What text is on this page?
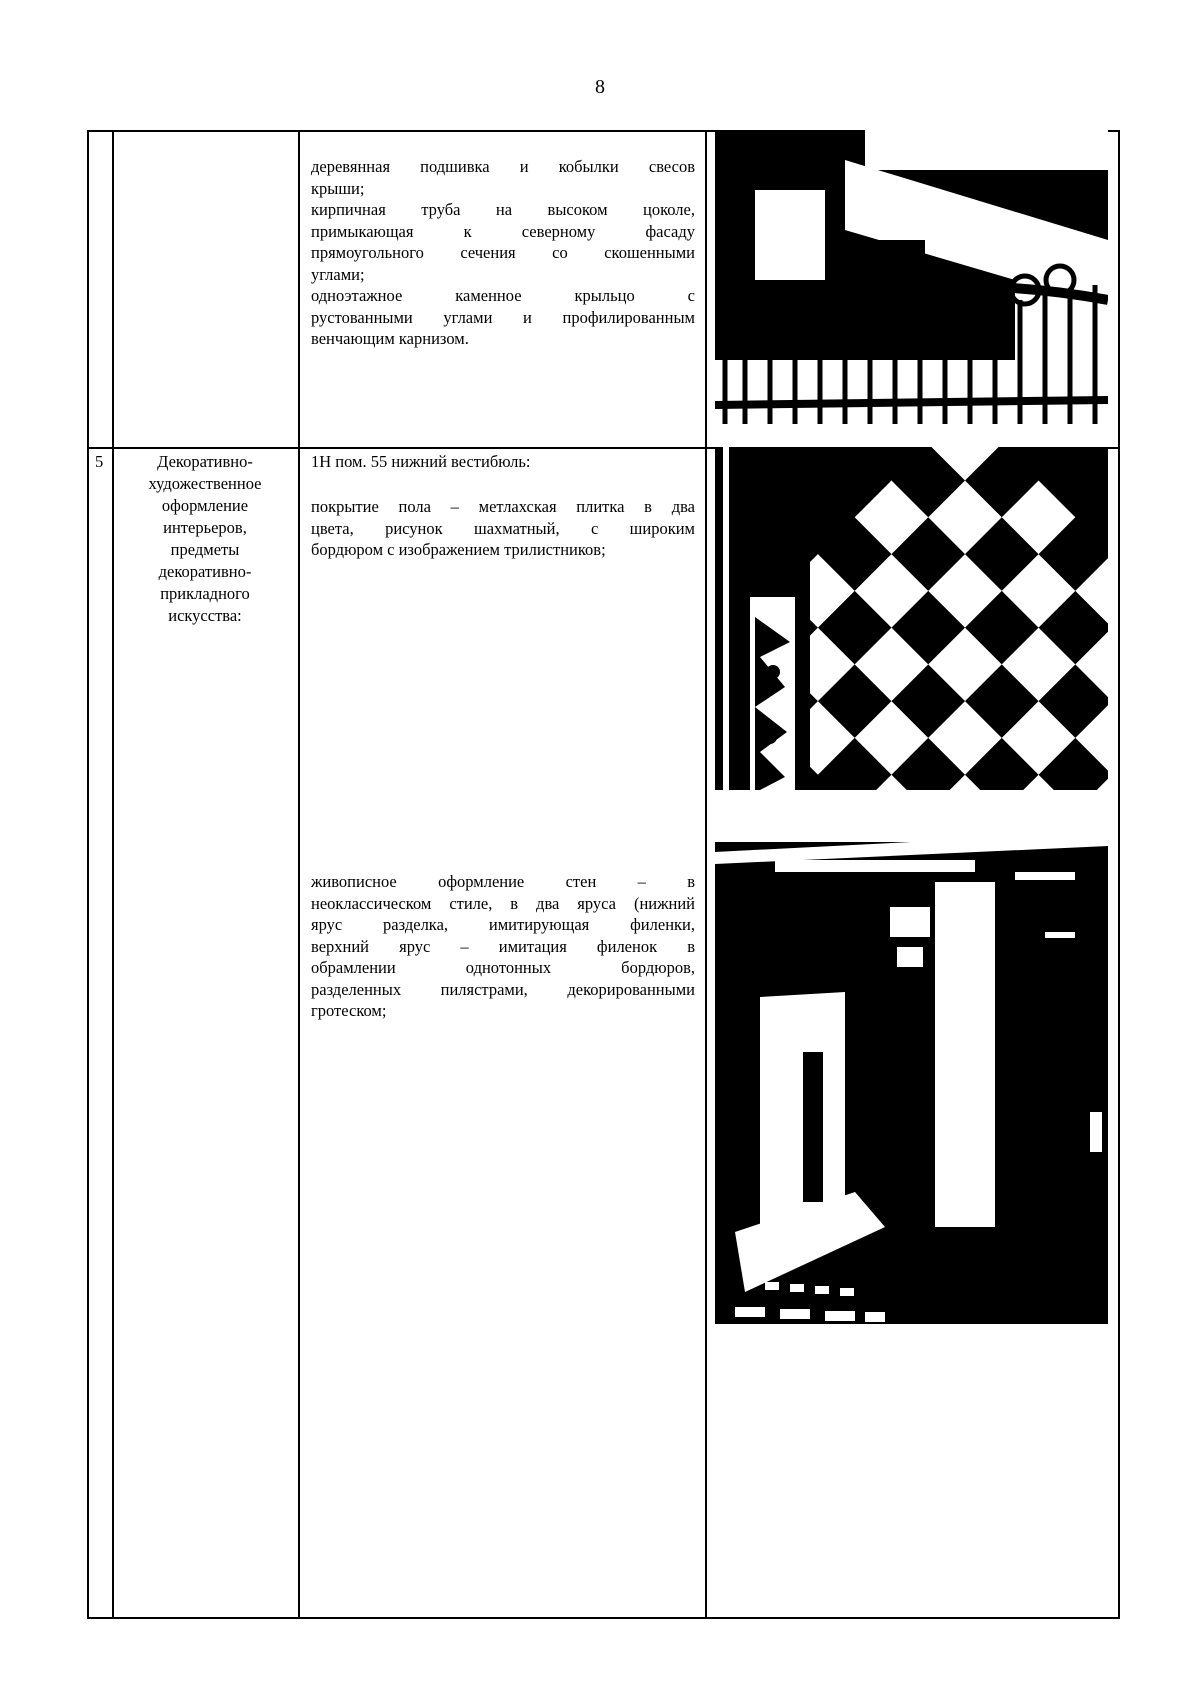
8

деревянная подшивка и кобылки свесов

крыши;

кирпичная труба на высоком цоколе,

примыкающая к северному фасаду

прямоугольного сечения со скошенными

углами;

одноэтажное каменное крыльцо с

рустованными углами и профилированным

венчающим карнизом.

5	Декоративно-

художественное

оформление

интерьеров,

предметы

декоративно-

прикладного

искусства:

1Н пом. 55 нижний вестибюль:

покрытие пола – метлахская плитка в два

цвета, рисунок шахматный, с широким

бордюром с изображением трилистников;

живописное оформление стен – в

неоклассическом стиле, в два яруса (нижний

ярус разделка, имитирующая филенки,

верхний ярус – имитация филенок в

обрамлении однотонных бордюров,

разделенных пилястрами, декорированными

гротеском;
